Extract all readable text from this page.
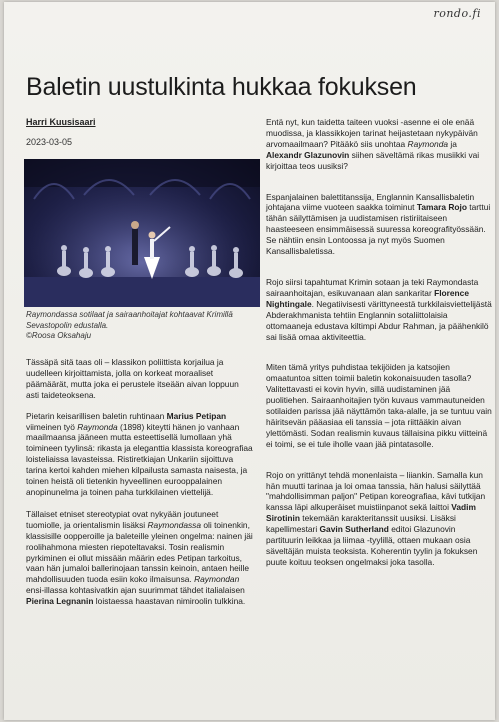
rondo.fi
Baletin uustulkinta hukkaa fokuksen
Harri Kuusisaari
2023-03-05
Raymondassa sotilaat ja sairaanhoitajat kohtaavat Krimillä Sevastopolin edustalla.
©Roosa Oksahaju

Tässäpä sitä taas oli – klassikon poliittista korjailua ja uudelleen kirjoittamista, jolla on korkeat moraaliset päämäärät, mutta joka ei perustele itseään aivan loppuun asti taideteoksena.

Pietarin keisarillisen baletin ruhtinaan Marius Petipan viimeinen työ Raymonda (1898) kiteytti hänen jo vanhaan maailmaansa jääneen mutta esteettisellä lumollaan yhä toimineen tyylinsä: rikasta ja eleganttia klassista koreografiaa loisteliaissa lavasteissa. Ristiretkiajan Unkariin sijoittuva tarina kertoi kahden miehen kilpailusta samasta naisesta, ja toinen heistä oli tietenkin hyveellinen eurooppalainen anopinunelma ja toinen paha turkkilainen viettelijä.

Tällaiset etniset stereotypiat ovat nykyään joutuneet tuomiolle, ja orientalismin lisäksi Raymondassa oli toinenkin, klassisille oopperoille ja baleteille yleinen ongelma: nainen jäi roolihahmona miesten riepoteltavaksi. Tosin realismin pyrkiminen ei ollut missään määrin edes Petipan tarkoitus, vaan hän jumaloi ballerinojaan tanssin keinoin, antaen heille mahdollisuuden tuoda esiin koko ilmaisunsa. Raymondan ensi-illassa kohtasivatkin ajan suurimmat tähdet italialaisen Pierina Legnanin loistaessa haastavan nimiroolin tulkkina.

Entä nyt, kun taidetta taiteen vuoksi -asenne ei ole enää muodissa, ja klassikkojen tarinat heijastetaan nykypäivän arvomaailmaan? Pitääkö siis unohtaa Raymonda ja Alexandr Glazunovin siihen säveltämä rikas musiikki vai kirjoittaa teos uusiksi?

Espanjalainen balettitanssija, Englannin Kansallisbaletin johtajana viime vuoteen saakka toiminut Tamara Rojo tarttui tähän säilyttämisen ja uudistamisen ristiriitaiseen haasteeseen ensimmäisessä suuressa koreografityössään. Se nähtiin ensin Lontoossa ja nyt myös Suomen Kansallisbaletissa.

Rojo siirsi tapahtumat Krimin sotaan ja teki Raymondasta sairaanhoitajan, esikuvanaan alan sankaritar Florence Nightingale. Negatiivisesti värittyneestä turkkilaisviettelijästä Abderakhmanista tehtiin Englannin sotaliittolaisia ottomaaneja edustava kiltimpi Abdur Rahman, ja päähenkilö sai lisää omaa aktiviteettia.

Miten tämä yritys puhdistaa tekijöiden ja katsojien omaatuntoa sitten toimii baletin kokonaisuuden tasolla? Valitettavasti ei kovin hyvin, sillä uudistaminen jää puolitiehen. Sairaanhoitajien työn kuvaus vammautuneiden sotilaiden parissa jää näyttämön taka-alalle, ja se tuntuu vain häiritsevän pääasiaa eli tanssia – jota riittääkin aivan ylettömästi. Sodan realismin kuvaus tällaisina pikku viitteinä ei toimi, se ei tule iholle vaan jää pintatasolle.

Rojo on yrittänyt tehdä monenlaista – liiankin. Samalla kun hän muutti tarinaa ja loi omaa tanssia, hän halusi säilyttää "mahdollisimman paljon" Petipan koreografiaa, kävi tutkijan kanssa läpi alkuperäiset muistiinpanot sekä laittoi Vadim Sirotinin tekemään karakteritanssit uusiksi. Lisäksi kapellimestari Gavin Sutherland editoi Glazunovin partituurin leikkaa ja liimaa -tyylillä, ottaen mukaan osia säveltäjän muista teoksista. Koherentin tyylin ja fokuksen puute koituu teoksen ongelmaksi joka tasolla.
